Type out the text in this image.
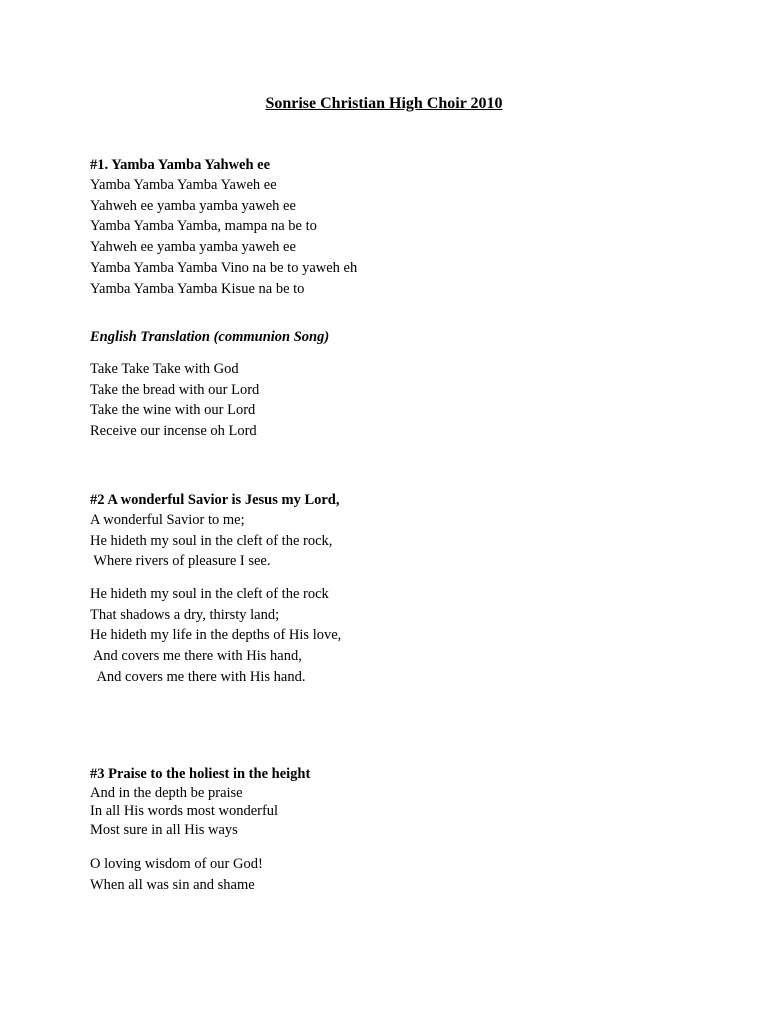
Sonrise Christian High Choir 2010
#1. Yamba Yamba Yahweh ee
Yamba Yamba Yamba Yaweh ee
Yahweh ee yamba yamba yaweh ee
Yamba Yamba Yamba, mampa na be to
Yahweh ee yamba yamba yaweh ee
Yamba Yamba Yamba Vino na be to yaweh eh
Yamba Yamba Yamba Kisue na be to
English Translation (communion Song)
Take Take Take with God
Take the bread with our Lord
Take the wine with our Lord
Receive our incense oh Lord
#2 A wonderful Savior is Jesus my Lord,
A wonderful Savior to me;
He hideth my soul in the cleft of the rock,
Where rivers of pleasure I see.
He hideth my soul in the cleft of the rock
That shadows a dry, thirsty land;
He hideth my life in the depths of His love,
And covers me there with His hand,
And covers me there with His hand.
#3 Praise to the holiest in the height
And in the depth be praise
In all His words most wonderful
Most sure in all His ways
O loving wisdom of our God!
When all was sin and shame
